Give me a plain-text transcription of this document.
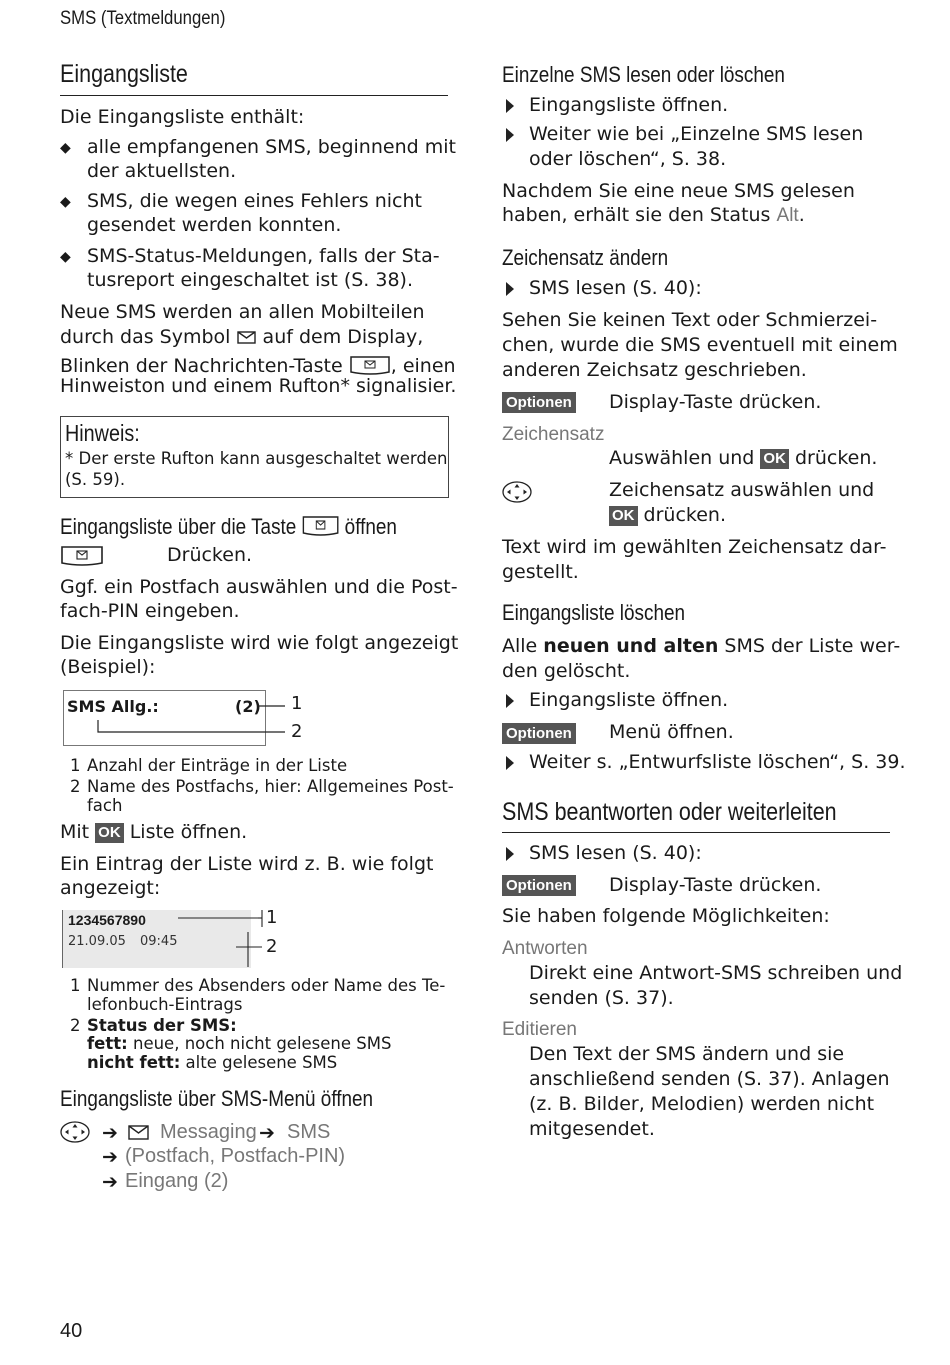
SMS (Textmeldungen)
Eingangsliste
Die Eingangsliste enthält:
◆ alle empfangenen SMS, beginnend mit
der aktuellsten.
◆ SMS, die wegen eines Fehlers nicht
gesendet werden konnten.
◆ SMS-Status-Meldungen, falls der Sta-
tusreport eingeschaltet ist (S. 38).
Neue SMS werden an allen Mobilteilen
durch das Symbol auf dem Display,
Blinken der Nachrichten-Taste	, einen
Hinweiston und einem Rufton* signalisier.
Hinweis:
* Der erste Rufton kann ausgeschaltet werden
(S. 59).
Eingangsliste über die Taste öffnen
Drücken.
Ggf. ein Postfach auswählen und die Post-
fach-PIN eingeben.
Die Eingangsliste wird wie folgt angezeigt
(Beispiel):
SMS Allg.:	(2) 1
2
1 Anzahl der Einträge in der Liste
2 Name des Postfachs, hier: Allgemeines Post-
fach
Mit OK Liste öffnen.
Ein Eintrag der Liste wird z. B. wie folgt
angezeigt:
1234567890
21.09.05 09:45
1
2
1 Nummer des Absenders oder Name des Te-
lefonbuch-Eintrags
2 Status der SMS:
fett: neue, noch nicht gelesene SMS
nicht fett: alte gelesene SMS
Eingangsliste über SMS-Menü öffnen
➔ Messaging ➔ SMS
➔ (Postfach, Postfach-PIN)
➔ Eingang (2)
Einzelne SMS lesen oder löschen
Eingangsliste öffnen.
Weiter wie bei „Einzelne SMS lesen
oder löschen“, S. 38.
Nachdem Sie eine neue SMS gelesen
haben, erhält sie den Status Alt.
Zeichensatz ändern
SMS lesen (S. 40):
Sehen Sie keinen Text oder Schmierzei-
chen, wurde die SMS eventuell mit einem
anderen Zeichsatz geschrieben.
Optionen Display-Taste drücken.
Zeichensatz
Auswählen und OK drücken.
Zeichensatz auswählen und
OK drücken.
Text wird im gewählten Zeichensatz dar-
gestellt.
Eingangsliste löschen
Alle neuen und alten SMS der Liste wer-
den gelöscht.
Eingangsliste öffnen.
Optionen Menü öffnen.
Weiter s. „Entwurfsliste löschen“, S. 39.
SMS beantworten oder weiterleiten
SMS lesen (S. 40):
Optionen Display-Taste drücken.
Sie haben folgende Möglichkeiten:
Antworten
Direkt eine Antwort-SMS schreiben und
senden (S. 37).
Editieren
Den Text der SMS ändern und sie
anschließend senden (S. 37). Anlagen
(z. B. Bilder, Melodien) werden nicht
mitgesendet.
40
